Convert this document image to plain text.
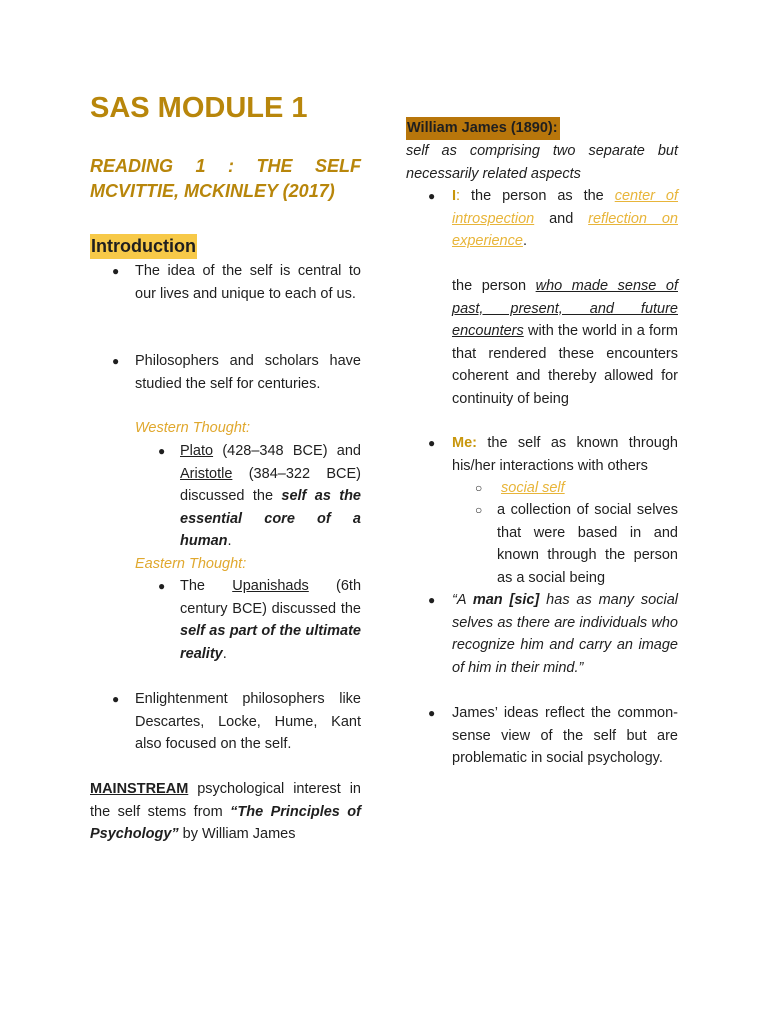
SAS MODULE 1
READING 1 : THE SELF
MCVITTIE, MCKINLEY (2017)
Introduction
● The idea of the self is central to our lives and unique to each of us.

● Philosophers and scholars have studied the self for centuries.

Western Thought:

● Plato (428–348 BCE) and Aristotle (384–322 BCE) discussed the self as the essential core of a human.

Eastern Thought:

● The Upanishads (6th century BCE) discussed the self as part of the ultimate reality.

● Enlightenment philosophers like Descartes, Locke, Hume, Kant also focused on the self.

MAINSTREAM psychological interest in the self stems from “The Principles of Psychology” by William James

William James (1890):

self as comprising two separate but necessarily related aspects

● I: the person as the center of introspection and reflection on experience.

the person who made sense of past, present, and future encounters with the world in a form that rendered these encounters coherent and thereby allowed for continuity of being

● Me: the self as known through his/her interactions with others

○ social self

○ a collection of social selves that were based in and known through the person as a social being

● “A man [sic] has as many social selves as there are individuals who recognize him and carry an image of him in their mind.”

● James’ ideas reflect the common-sense view of the self but are problematic in social psychology.
